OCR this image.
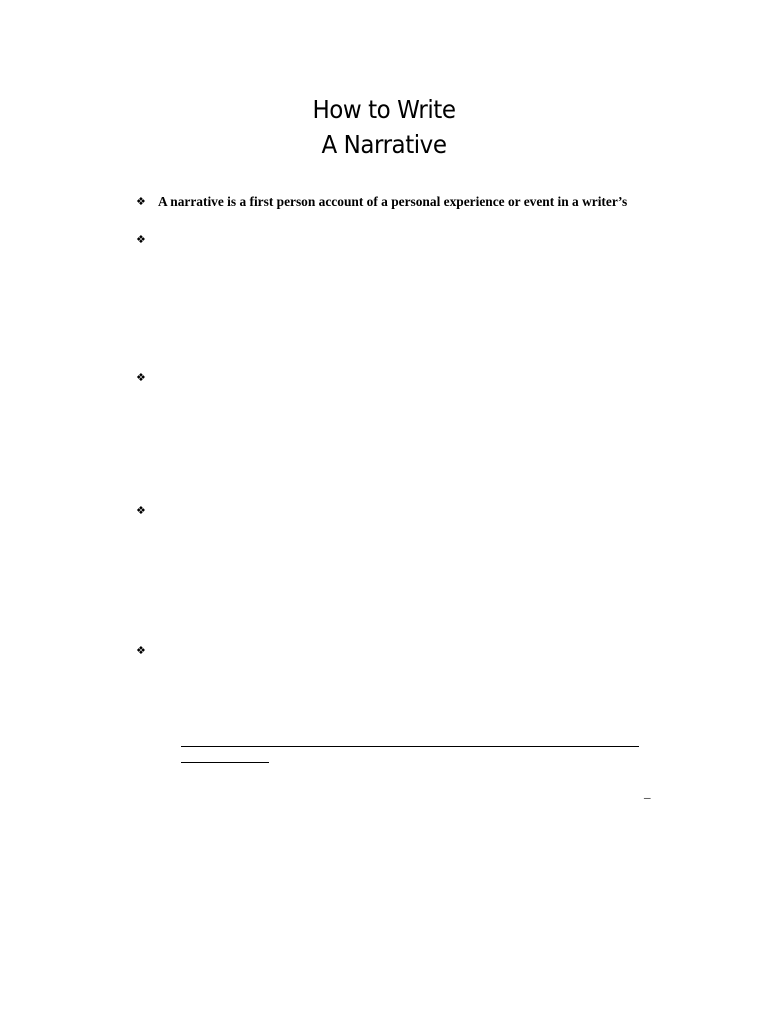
How to Write
A Narrative
❖ A narrative is a first person account of a personal experience or event in a writer’s
❖
❖
❖
❖
_
